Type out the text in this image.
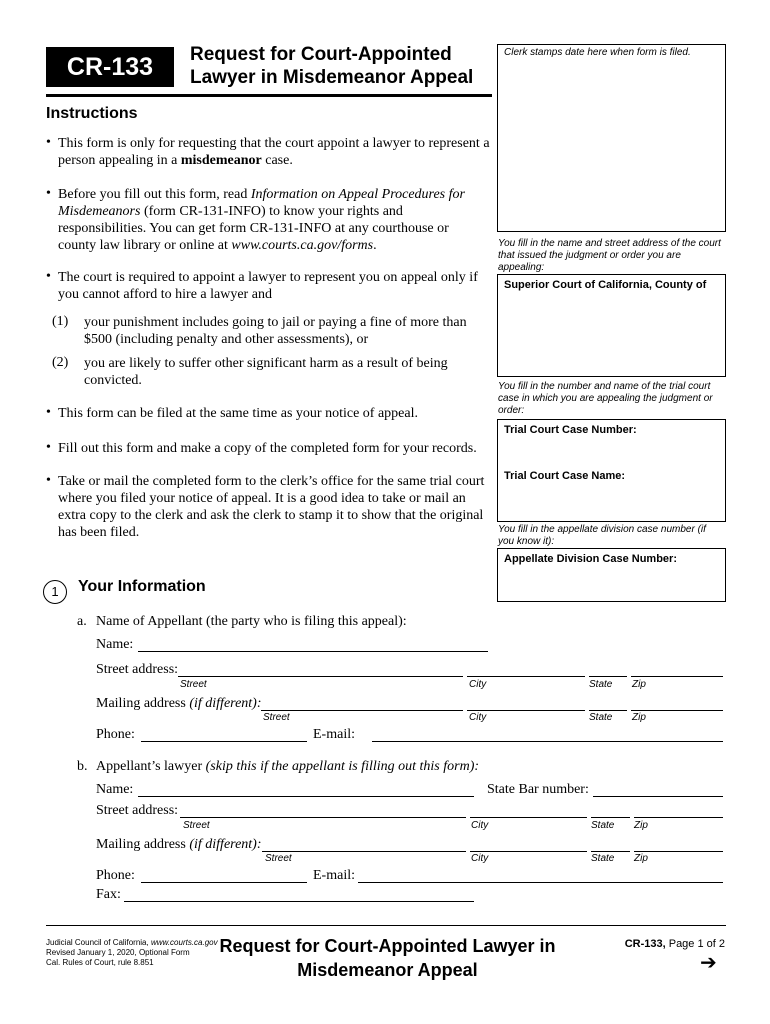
CR-133	Request for Court-Appointed
Lawyer in Misdemeanor Appeal
Instructions
• This form is only for requesting that the court appoint a lawyer to represent a person appealing in a misdemeanor case.
• Before you fill out this form, read Information on Appeal Procedures for Misdemeanors (form CR-131-INFO) to know your rights and responsibilities. You can get form CR-131-INFO at any courthouse or county law library or online at www.courts.ca.gov/forms.
• The court is required to appoint a lawyer to represent you on appeal only if you cannot afford to hire a lawyer and
(1) your punishment includes going to jail or paying a fine of more than $500 (including penalty and other assessments), or
(2) you are likely to suffer other significant harm as a result of being convicted.
• This form can be filed at the same time as your notice of appeal.
• Fill out this form and make a copy of the completed form for your records.
• Take or mail the completed form to the clerk’s office for the same trial court where you filed your notice of appeal. It is a good idea to take or mail an extra copy to the clerk and ask the clerk to stamp it to show that the original has been filed.
Clerk stamps date here when form is filed.
You fill in the name and street address of the court that issued the judgment or order you are appealing:
Superior Court of California, County of
You fill in the number and name of the trial court case in which you are appealing the judgment or order:
Trial Court Case Number:
Trial Court Case Name:
You fill in the appellate division case number (if you know it):
Appellate Division Case Number:
1	Your Information
a. Name of Appellant (the party who is filing this appeal):
Name:
Street address:
Street	City	State Zip
Mailing address (if different):
Street	City	State Zip
Phone:	E-mail:
b. Appellant’s lawyer (skip this if the appellant is filling out this form):
Name:	State Bar number:
Street address:
Street	City	State Zip
Mailing address (if different):
Street	City	State Zip
Phone:	E-mail:
Fax:
Judicial Council of California, www.courts.ca.gov
Revised January 1, 2020, Optional Form
Cal. Rules of Court, rule 8.851
Request for Court-Appointed Lawyer in
Misdemeanor Appeal
CR-133, Page 1 of 2
➔
